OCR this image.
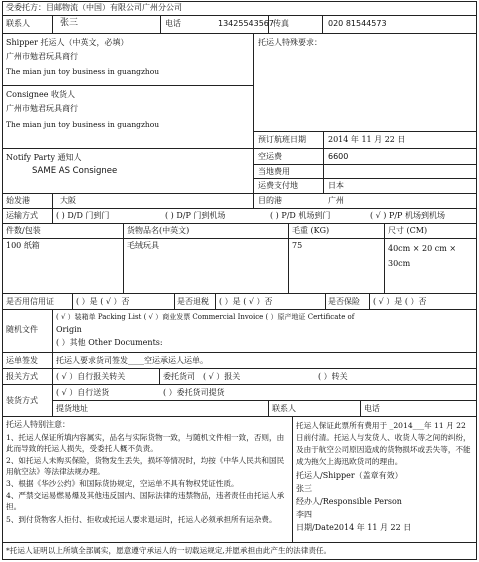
受委托方：目邮物流（中国）有限公司广州分公司
联系人	张三	电话	13425543567 传真	020 81544573
Shipper 托运人（中英文，必填）
广州市勉君玩具商行
The mian jun toy business in guangzhou
托运人特殊要求：
Consignee 收货人
广州市勉君玩具商行
The mian jun toy business in guangzhou
预订航班日期	2014 年 11 月 22 日
Notify Party 通知人
SAME AS Consignee
空运费	6600
当地费用
运费支付地	日本
始发港	大阪	目的港	广州
运输方式 ( ) D/D 门到门	( ) D/P 门到机场	( ) P/D 机场到门	( √ ) P/P 机场到机场
件数/包装	货物品名(中英文)	毛重 (KG)	尺寸 (CM)
100 纸箱	毛绒玩具	75	40cm × 20 cm × 30cm
是否用信用证	( ）是 ( √ ）否	是否退税 ( ）是 ( √ ）否	是否保险 ( √ ）是 ( ）否
随机文件
( √ ）装箱单 Packing List ( √ ）商业发票 Commercial Invoice ( ）原产地证 Certificate of
Origin
( ）其他 Other Documents:
运单签发 托运人要求货司签发____空运承运人运单。
报关方式 ( √ ）自行报关转关	委托货司 ( √ ）报关	( ）转关
装货方式
( √ ）自行送货	( ）委托货司提货
提货地址	联系人	电话
托运人特别注意：
1、托运人保证所填内容属实，品名与实际货物一致，与随机文件相一致，否则，由此而导致的托运人损失，受委托人概不负责。
2、如托运人未购买保险，货物发生丢失，损坏等情况时，均按《中华人民共和国民用航空法》等法律法规办理。
3、根据《华沙公约》和国际货协规定，空运单不具有物权凭证性质。
4、严禁交运易燃易爆及其他违反国内、国际法律的违禁物品，违者责任由托运人承担。
5、到付货物客人拒付、拒收或托运人要求退运时，托运人必须承担所有运杂费。
托运人保证此票所有费用于 _2014___年 11 月 22 日前付清。托运人与发货人、收货人等之间的纠纷，及由于航空公司原因造成的货物损坏或丢失等，不能成为拖欠上海迅欧货司的理由。
托运人/Shipper（盖章有效）
张三
经办人/Responsible Person
李四
日期/Date2014 年 11 月 22 日
*托运人证明以上所填全部属实，愿意遵守承运人的一切载运规定,并愿承担由此产生的法律责任。
